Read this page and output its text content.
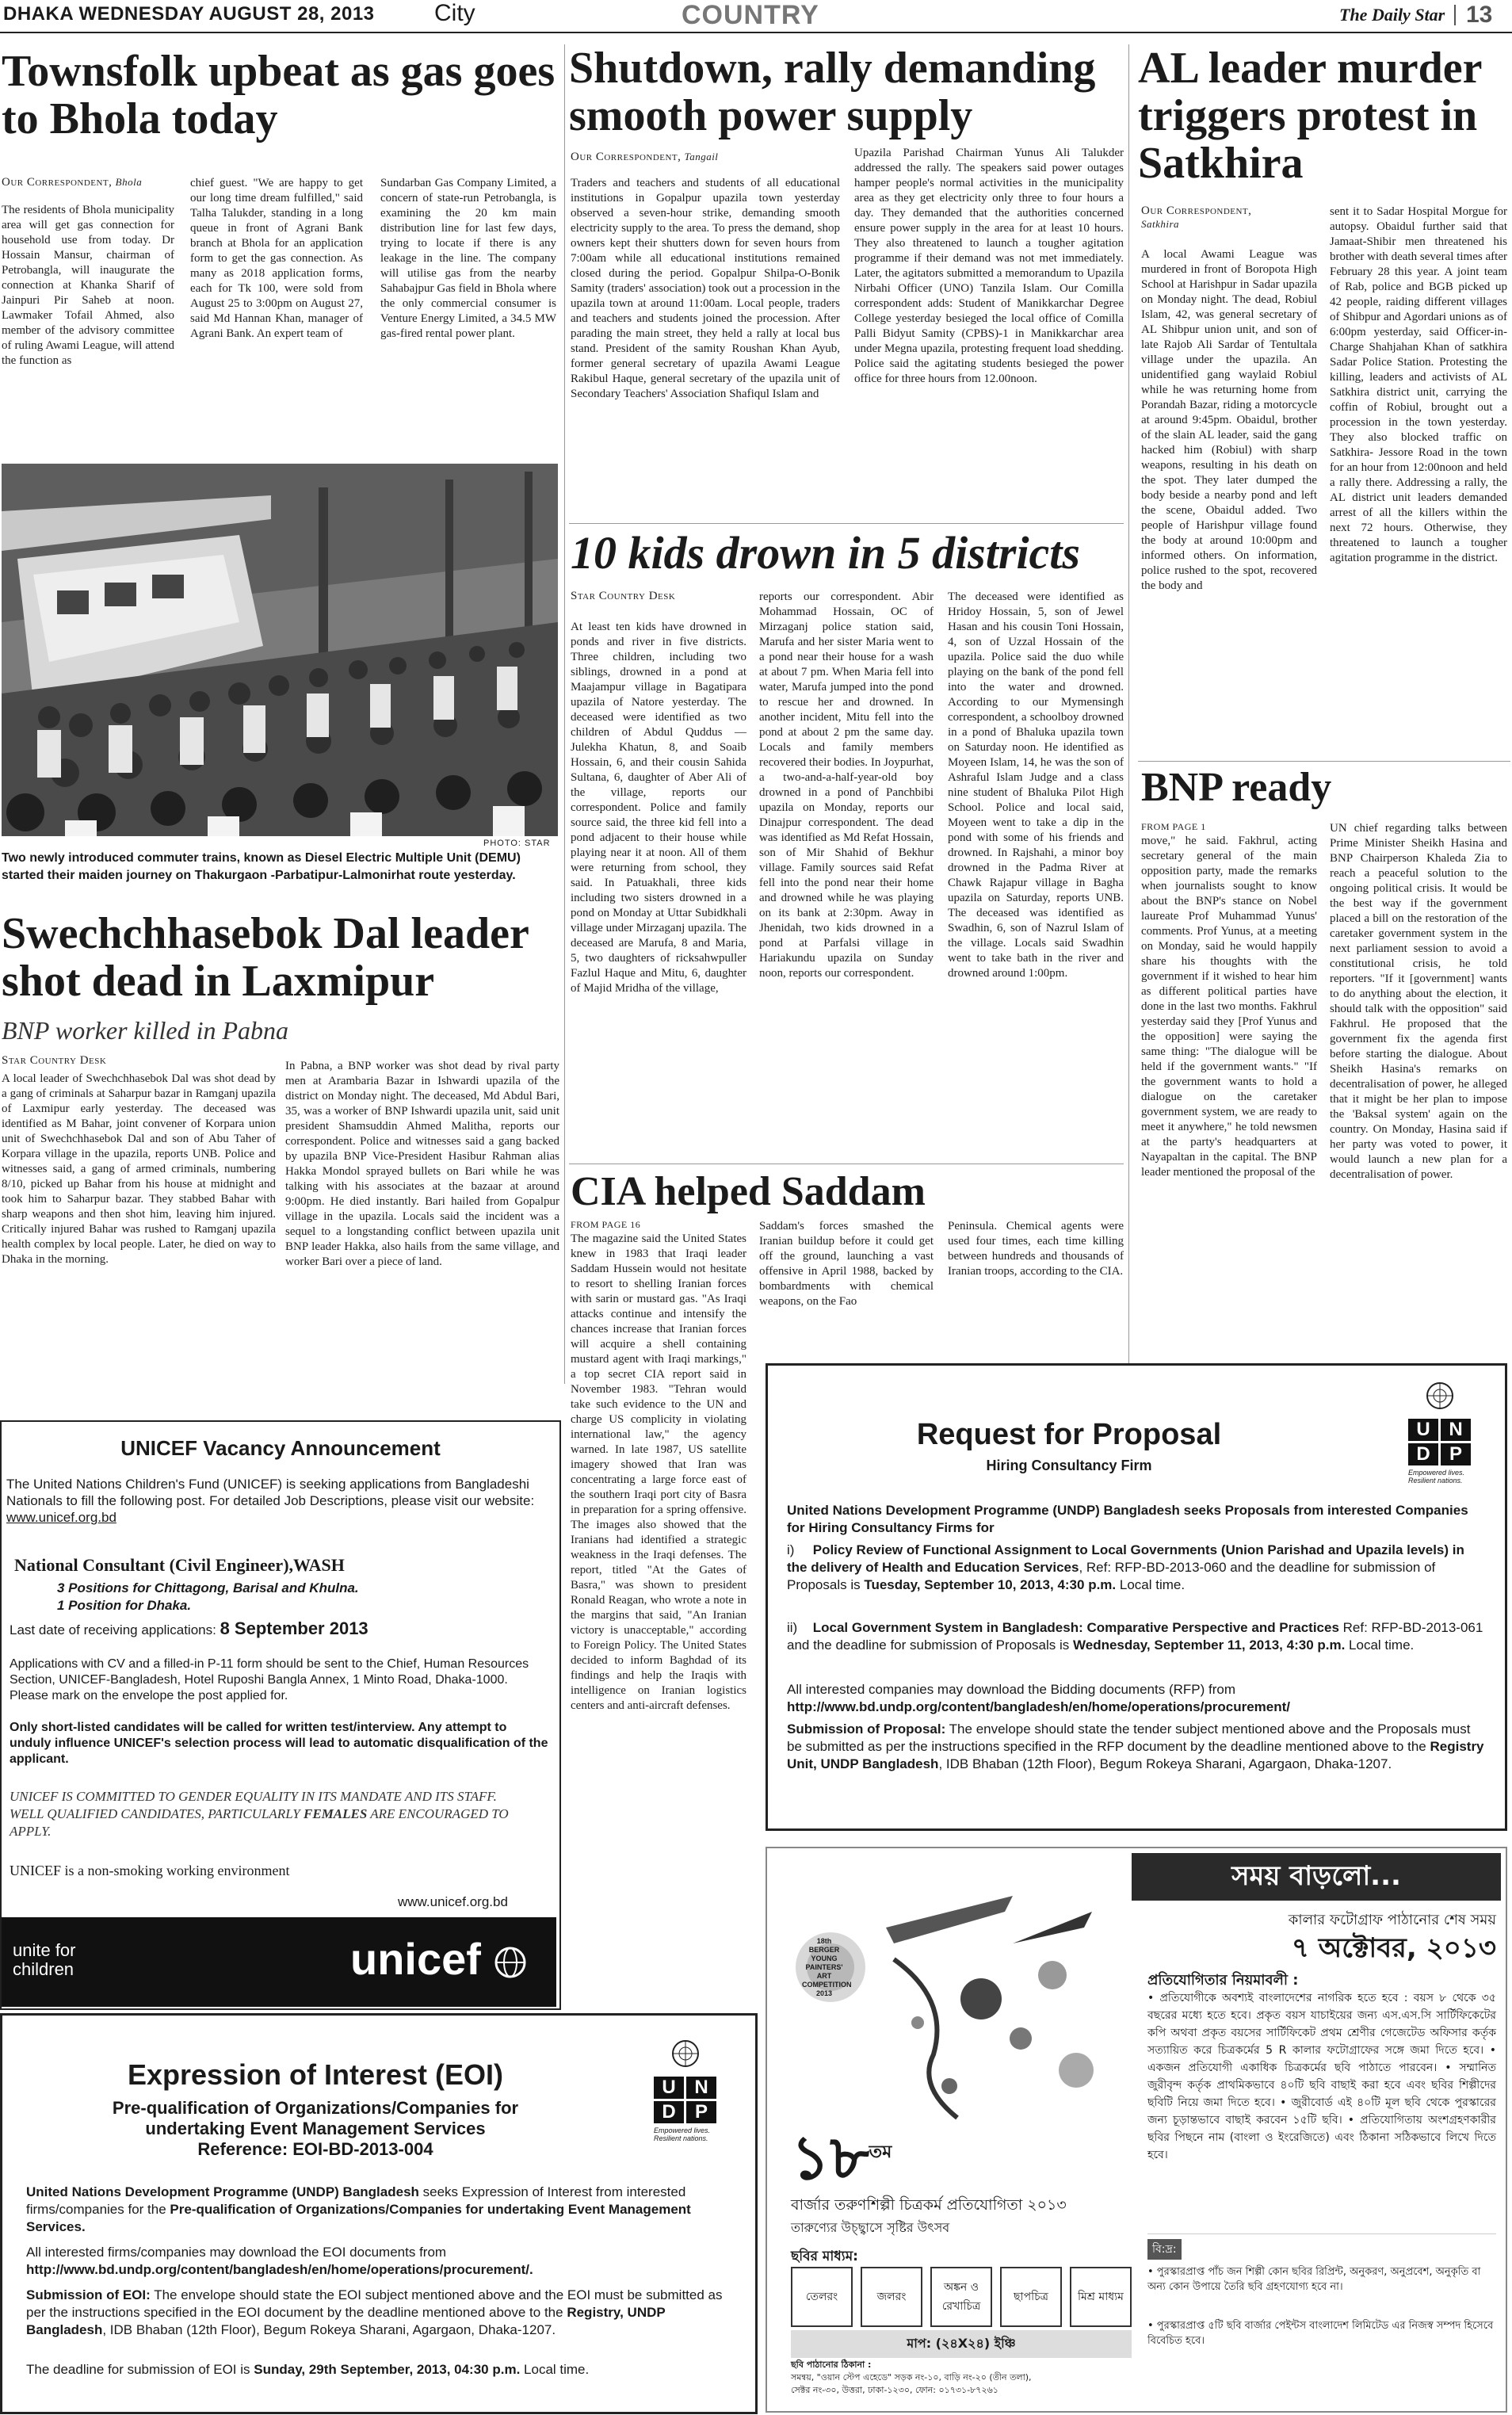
DHAKA WEDNESDAY AUGUST 28, 2013	City	COUNTRY	The Daily Star 13
Townsfolk upbeat as gas goes to Bhola today
Our Correspondent, Bhola
The residents of Bhola municipality area will get gas connection for household use from today. Dr Hossain Mansur, chairman of Petrobangla, will inaugurate the connection at Khanka Sharif of Jainpuri Pir Saheb at noon. Lawmaker Tofail Ahmed, also member of the advisory committee of ruling Awami League, will attend the function as
chief guest. "We are happy to get our long time dream fulfilled," said Talha Talukder, standing in a long queue in front of Agrani Bank branch at Bhola for an application form to get the gas connection. As many as 2018 application forms, each for Tk 100, were sold from August 25 to 3:00pm on August 27, said Md Hannan Khan, manager of Agrani Bank. An expert team of
Sundarban Gas Company Limited, a concern of state-run Petrobangla, is examining the 20 km main distribution line for last few days, trying to locate if there is any leakage in the line. The company will utilise gas from the nearby Sahabajpur Gas field in Bhola where the only commercial consumer is Venture Energy Limited, a 34.5 MW gas-fired rental power plant.
PHOTO: STAR
Two newly introduced commuter trains, known as Diesel Electric Multiple Unit (DEMU) started their maiden journey on Thakurgaon -Parbatipur-Lalmonirhat route yesterday.
Swechchhasebok Dal leader shot dead in Laxmipur
BNP worker killed in Pabna
Star Country Desk
A local leader of Swechchhasebok Dal was shot dead by a gang of criminals at Saharpur bazar in Ramganj upazila of Laxmipur early yesterday. The deceased was identified as M Bahar, joint convener of Korpara union unit of Swechchhasebok Dal and son of Abu Taher of Korpara village in the upazila, reports UNB. Police and witnesses said, a gang of armed criminals, numbering 8/10, picked up Bahar from his house at midnight and took him to Saharpur bazar. They stabbed Bahar with sharp weapons and then shot him, leaving him injured. Critically injured Bahar was rushed to Ramganj upazila health complex by local people. Later, he died on way to Dhaka in the morning.
In Pabna, a BNP worker was shot dead by rival party men at Arambaria Bazar in Ishwardi upazila of the district on Monday night. The deceased, Md Abdul Bari, 35, was a worker of BNP Ishwardi upazila unit, said unit president Shamsuddin Ahmed Malitha, reports our correspondent. Police and witnesses said a gang backed by upazila BNP Vice-President Hasibur Rahman alias Hakka Mondol sprayed bullets on Bari while he was talking with his associates at the bazaar at around 9:00pm. He died instantly. Bari hailed from Gopalpur village in the upazila. Locals said the incident was a sequel to a longstanding conflict between upazila unit BNP leader Hakka, also hails from the same village, and worker Bari over a piece of land.
Shutdown, rally demanding smooth power supply
Our Correspondent, Tangail
Traders and teachers and students of all educational institutions in Gopalpur upazila town yesterday observed a seven-hour strike, demanding smooth electricity supply to the area. To press the demand, shop owners kept their shutters down for seven hours from 7:00am while all educational institutions remained closed during the period. Gopalpur Shilpa-O-Bonik Samity (traders' association) took out a procession in the upazila town at around 11:00am. Local people, traders and teachers and students joined the procession. After parading the main street, they held a rally at local bus stand. President of the samity Roushan Khan Ayub, former general secretary of upazila Awami League Rakibul Haque, general secretary of the upazila unit of Secondary Teachers' Association Shafiqul Islam and
Upazila Parishad Chairman Yunus Ali Talukder addressed the rally. The speakers said power outages hamper people's normal activities in the municipality area as they get electricity only three to four hours a day. They demanded that the authorities concerned ensure power supply in the area for at least 10 hours. They also threatened to launch a tougher agitation programme if their demand was not met immediately. Later, the agitators submitted a memorandum to Upazila Nirbahi Officer (UNO) Tanzila Islam. Our Comilla correspondent adds: Student of Manikkarchar Degree College yesterday besieged the local office of Comilla Palli Bidyut Samity (CPBS)-1 in Manikkarchar area under Megna upazila, protesting frequent load shedding. Police said the agitating students besieged the power office for three hours from 12.00noon.
10 kids drown in 5 districts
Star Country Desk
At least ten kids have drowned in ponds and river in five districts. Three children, including two siblings, drowned in a pond at Maajampur village in Bagatipara upazila of Natore yesterday. The deceased were identified as two children of Abdul Quddus — Julekha Khatun, 8, and Soaib Hossain, 6, and their cousin Sahida Sultana, 6, daughter of Aber Ali of the village, reports our correspondent. Police and family source said, the three kid fell into a pond adjacent to their house while playing near it at noon. All of them were returning from school, they said. In Patuakhali, three kids including two sisters drowned in a pond on Monday at Uttar Subidkhali village under Mirzaganj upazila. The deceased are Marufa, 8 and Maria, 5, two daughters of ricksahwpuller Fazlul Haque and Mitu, 6, daughter of Majid Mridha of the village,
reports our correspondent. Abir Mohammad Hossain, OC of Mirzaganj police station said, Marufa and her sister Maria went to a pond near their house for a wash at about 7 pm. When Maria fell into water, Marufa jumped into the pond to rescue her and drowned. In another incident, Mitu fell into the pond at about 2 pm the same day. Locals and family members recovered their bodies. In Joypurhat, a two-and-a-half-year-old boy drowned in a pond of Panchbibi upazila on Monday, reports our Dinajpur correspondent. The dead was identified as Md Refat Hossain, son of Mir Shahid of Bekhur village. Family sources said Refat fell into the pond near their home and drowned while he was playing on its bank at 2:30pm. Away in Jhenidah, two kids drowned in a pond at Parfalsi village in Hariakundu upazila on Sunday noon, reports our correspondent.
The deceased were identified as Hridoy Hossain, 5, son of Jewel Hasan and his cousin Toni Hossain, 4, son of Uzzal Hossain of the upazila. Police said the duo while playing on the bank of the pond fell into the water and drowned. According to our Mymensingh correspondent, a schoolboy drowned in a pond of Bhaluka upazila town on Saturday noon. He identified as Moyeen Islam, 14, he was the son of Ashraful Islam Judge and a class nine student of Bhaluka Pilot High School. Police and local said, Moyeen went to take a dip in the pond with some of his friends and drowned. In Rajshahi, a minor boy drowned in the Padma River at Chawk Rajapur village in Bagha upazila on Saturday, reports UNB. The deceased was identified as Swadhin, 6, son of Nazrul Islam of the village. Locals said Swadhin went to take bath in the river and drowned around 1:00pm.
CIA helped Saddam
FROM PAGE 16
The magazine said the United States knew in 1983 that Iraqi leader Saddam Hussein would not hesitate to resort to shelling Iranian forces with sarin or mustard gas. "As Iraqi attacks continue and intensify the chances increase that Iranian forces will acquire a shell containing mustard agent with Iraqi markings," a top secret CIA report said in November 1983. "Tehran would take such evidence to the UN and charge US complicity in violating international law," the agency warned. In late 1987, US satellite imagery showed that Iran was concentrating a large force east of the southern Iraqi port city of Basra in preparation for a spring offensive. The images also showed that the Iranians had identified a strategic weakness in the Iraqi defenses. The report, titled "At the Gates of Basra," was shown to president Ronald Reagan, who wrote a note in the margins that said, "An Iranian victory is unacceptable," according to Foreign Policy. The United States decided to inform Baghdad of its findings and help the Iraqis with intelligence on Iranian logistics centers and anti-aircraft defenses.
Saddam's forces smashed the Iranian buildup before it could get off the ground, launching a vast offensive in April 1988, backed by bombardments with chemical weapons, on the Fao
Peninsula. Chemical agents were used four times, each time killing between hundreds and thousands of Iranian troops, according to the CIA.
AL leader murder triggers protest in Satkhira
Our Correspondent,
Satkhira
A local Awami League was murdered in front of Boropota High School at Harishpur in Sadar upazila on Monday night. The dead, Robiul Islam, 42, was general secretary of AL Shibpur union unit, and son of late Rajob Ali Sardar of Tentultala village under the upazila. An unidentified gang waylaid Robiul while he was returning home from Porandah Bazar, riding a motorcycle at around 9:45pm. Obaidul, brother of the slain AL leader, said the gang hacked him (Robiul) with sharp weapons, resulting in his death on the spot. They later dumped the body beside a nearby pond and left the scene, Obaidul added. Two people of Harishpur village found the body at around 10:00pm and informed others. On information, police rushed to the spot, recovered the body and
sent it to Sadar Hospital Morgue for autopsy. Obaidul further said that Jamaat-Shibir men threatened his brother with death several times after February 28 this year. A joint team of Rab, police and BGB picked up 42 people, raiding different villages of Shibpur and Agordari unions as of 6:00pm yesterday, said Officer-in-Charge Shahjahan Khan of satkhira Sadar Police Station. Protesting the killing, leaders and activists of AL Satkhira district unit, carrying the coffin of Robiul, brought out a procession in the town yesterday. They also blocked traffic on Satkhira- Jessore Road in the town for an hour from 12:00noon and held a rally there. Addressing a rally, the AL district unit leaders demanded arrest of all the killers within the next 72 hours. Otherwise, they threatened to launch a tougher agitation programme in the district.
BNP ready
FROM PAGE 1
move," he said. Fakhrul, acting secretary general of the main opposition party, made the remarks when journalists sought to know about the BNP's stance on Nobel laureate Prof Muhammad Yunus' comments. Prof Yunus, at a meeting on Monday, said he would happily share his thoughts with the government if it wished to hear him as different political parties have done in the last two months. Fakhrul yesterday said they [Prof Yunus and the opposition] were saying the same thing: "The dialogue will be held if the government wants." "If the government wants to hold a dialogue on the caretaker government system, we are ready to meet it anywhere," he told newsmen at the party's headquarters at Nayapaltan in the capital. The BNP leader mentioned the proposal of the
UN chief regarding talks between Prime Minister Sheikh Hasina and BNP Chairperson Khaleda Zia to reach a peaceful solution to the ongoing political crisis. It would be the best way if the government placed a bill on the restoration of the caretaker government system in the next parliament session to avoid a constitutional crisis, he told reporters. "If it [government] wants to do anything about the election, it should talk with the opposition" said Fakhrul. He proposed that the government fix the agenda first before starting the dialogue. About Sheikh Hasina's remarks on decentralisation of power, he alleged that it might be her plan to impose the 'Baksal system' again on the country. On Monday, Hasina said if her party was voted to power, it would launch a new plan for a decentralisation of power.
UNICEF Vacancy Announcement
The United Nations Children's Fund (UNICEF) is seeking applications from Bangladeshi Nationals to fill the following post. For detailed Job Descriptions, please visit our website: www.unicef.org.bd
National Consultant (Civil Engineer),WASH
3 Positions for Chittagong, Barisal and Khulna.
1 Position for Dhaka.
Last date of receiving applications: 8 September 2013
Applications with CV and a filled-in P-11 form should be sent to the Chief, Human Resources Section, UNICEF-Bangladesh, Hotel Ruposhi Bangla Annex, 1 Minto Road, Dhaka-1000. Please mark on the envelope the post applied for.
Only short-listed candidates will be called for written test/interview. Any attempt to unduly influence UNICEF's selection process will lead to automatic disqualification of the applicant.
UNICEF IS COMMITTED TO GENDER EQUALITY IN ITS MANDATE AND ITS STAFF. WELL QUALIFIED CANDIDATES, PARTICULARLY FEMALES ARE ENCOURAGED TO APPLY.
UNICEF is a non-smoking working environment
www.unicef.org.bd
unite for
children	unicef
Request for Proposal
Hiring Consultancy Firm
U N
D	P
Empowered lives. Resilient nations.
United Nations Development Programme (UNDP) Bangladesh seeks Proposals from interested Companies for Hiring Consultancy Firms for
i) Policy Review of Functional Assignment to Local Governments (Union Parishad and Upazila levels) in the delivery of Health and Education Services, Ref: RFP-BD-2013-060 and the deadline for submission of Proposals is Tuesday, September 10, 2013, 4:30 p.m. Local time.
ii) Local Government System in Bangladesh: Comparative Perspective and Practices Ref: RFP-BD-2013-061 and the deadline for submission of Proposals is Wednesday, September 11, 2013, 4:30 p.m. Local time.
All interested companies may download the Bidding documents (RFP) from
http://www.bd.undp.org/content/bangladesh/en/home/operations/procurement/
Submission of Proposal: The envelope should state the tender subject mentioned above and the Proposals must be submitted as per the instructions specified in the RFP document by the deadline mentioned above to the Registry Unit, UNDP Bangladesh, IDB Bhaban (12th Floor), Begum Rokeya Sharani, Agargaon, Dhaka-1207.
Expression of Interest (EOI)
Pre-qualification of Organizations/Companies for
undertaking Event Management Services
Reference: EOI-BD-2013-004
U N
D	P
Empowered lives. Resilient nations.
United Nations Development Programme (UNDP) Bangladesh seeks Expression of Interest from interested firms/companies for the Pre-qualification of Organizations/Companies for undertaking Event Management Services.
All interested firms/companies may download the EOI documents from
http://www.bd.undp.org/content/bangladesh/en/home/operations/procurement/.
Submission of EOI: The envelope should state the EOI subject mentioned above and the EOI must be submitted as per the instructions specified in the EOI document by the deadline mentioned above to the Registry, UNDP Bangladesh, IDB Bhaban (12th Floor), Begum Rokeya Sharani, Agargaon, Dhaka-1207.
The deadline for submission of EOI is Sunday, 29th September, 2013, 04:30 p.m. Local time.
সময় বাড়লো...
কালার ফটোগ্রাফ পাঠানোর শেষ সময়
৭ অক্টোবর, ২০১৩
18th
BERGER
YOUNG PAINTERS'
ART COMPETITION
2013
প্রতিযোগিতার নিয়মাবলী :
• প্রতিযোগীকে অবশ্যই বাংলাদেশের নাগরিক হতে হবে : বয়স ৮ থেকে ৩৫ বছরের মধ্যে হতে হবে। প্রকৃত বয়স যাচাইয়ের জন্য এস.এস.সি সার্টিফিকেটের কপি অথবা প্রকৃত বয়সের সার্টিফিকেট প্রথম শ্রেণীর গেজেটেড অফিসার কর্তৃক সত্যায়িত করে চিত্রকর্মের 5 R কালার ফটোগ্রাফের সঙ্গে জমা দিতে হবে। • একজন প্রতিযোগী একাধিক চিত্রকর্মের ছবি পাঠাতে পারবেন। • সম্মানিত জুরীবৃন্দ কর্তৃক প্রাথমিকভাবে ৪০টি ছবি বাছাই করা হবে এবং ছবির শিল্পীদের ছবিটি নিয়ে জমা দিতে হবে। • জুরীবোর্ড এই ৪০টি মূল ছবি থেকে পুরস্কারের জন্য চূড়ান্তভাবে বাছাই করবেন ১৫টি ছবি। • প্রতিযোগিতায় অংশগ্রহণকারীর ছবির পিছনে নাম (বাংলা ও ইংরেজিতে) এবং ঠিকানা সঠিকভাবে লিখে দিতে হবে।
বি:দ্র:
• পুরস্কারপ্রাপ্ত পাঁচ জন শিল্পী কোন ছবির রিপ্রিন্ট, অনুকরণ, অনুপ্রবেশ, অনুকৃতি বা অন্য কোন উপায়ে তৈরি ছবি গ্রহণযোগ্য হবে না।
• পুরস্কারপ্রাপ্ত ৫টি ছবি বার্জার পেইন্টস বাংলাদেশ লিমিটেড এর নিজস্ব সম্পদ হিসেবে বিবেচিত হবে।
$১৮^{তম}$
বার্জার তরুণশিল্পী চিত্রকর্ম প্রতিযোগিতা ২০১৩
তারুণ্যের উচ্ছ্বাসে সৃষ্টির উৎসব
ছবির মাধ্যম:
তেলরং	জলরং
অঙ্কন ও রেখাচিত্র
ছাপচিত্র	মিশ্র মাধ্যম
মাপ: (২৪X২৪) ইঞ্চি
ছবি পাঠানোর ঠিকানা :
সমন্বয়, "ওয়ান স্টেপ এহেডে" সড়ক নং-১০, বাড়ি নং-২০ (তীন তলা),
সেক্টর নং-৩০, উত্তরা, ঢাকা-১২৩০, ফোন: ০১৭৩১-৮৭২৬১
